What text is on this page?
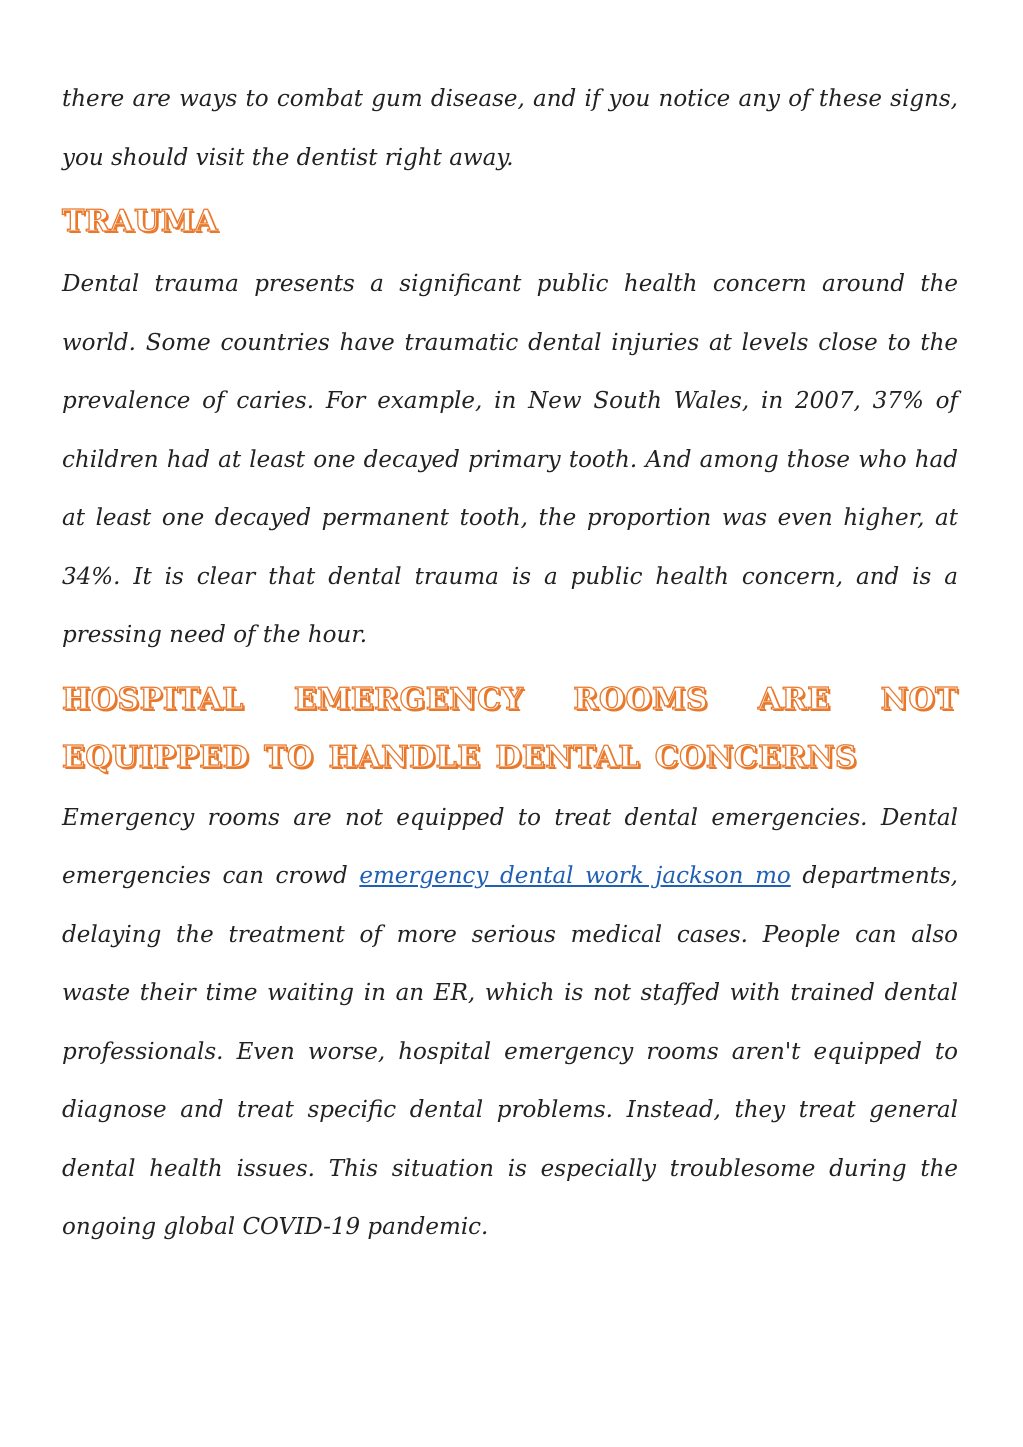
there are ways to combat gum disease, and if you notice any of these signs, you should visit the dentist right away.

TRAUMA

Dental trauma presents a significant public health concern around the world. Some countries have traumatic dental injuries at levels close to the prevalence of caries. For example, in New South Wales, in 2007, 37% of children had at least one decayed primary tooth. And among those who had at least one decayed permanent tooth, the proportion was even higher, at 34%. It is clear that dental trauma is a public health concern, and is a pressing need of the hour.

HOSPITAL EMERGENCY ROOMS ARE NOT EQUIPPED TO HANDLE DENTAL CONCERNS

Emergency rooms are not equipped to treat dental emergencies. Dental emergencies can crowd emergency dental work jackson mo departments, delaying the treatment of more serious medical cases. People can also waste their time waiting in an ER, which is not staffed with trained dental professionals. Even worse, hospital emergency rooms aren't equipped to diagnose and treat specific dental problems. Instead, they treat general dental health issues. This situation is especially troublesome during the ongoing global COVID-19 pandemic.
